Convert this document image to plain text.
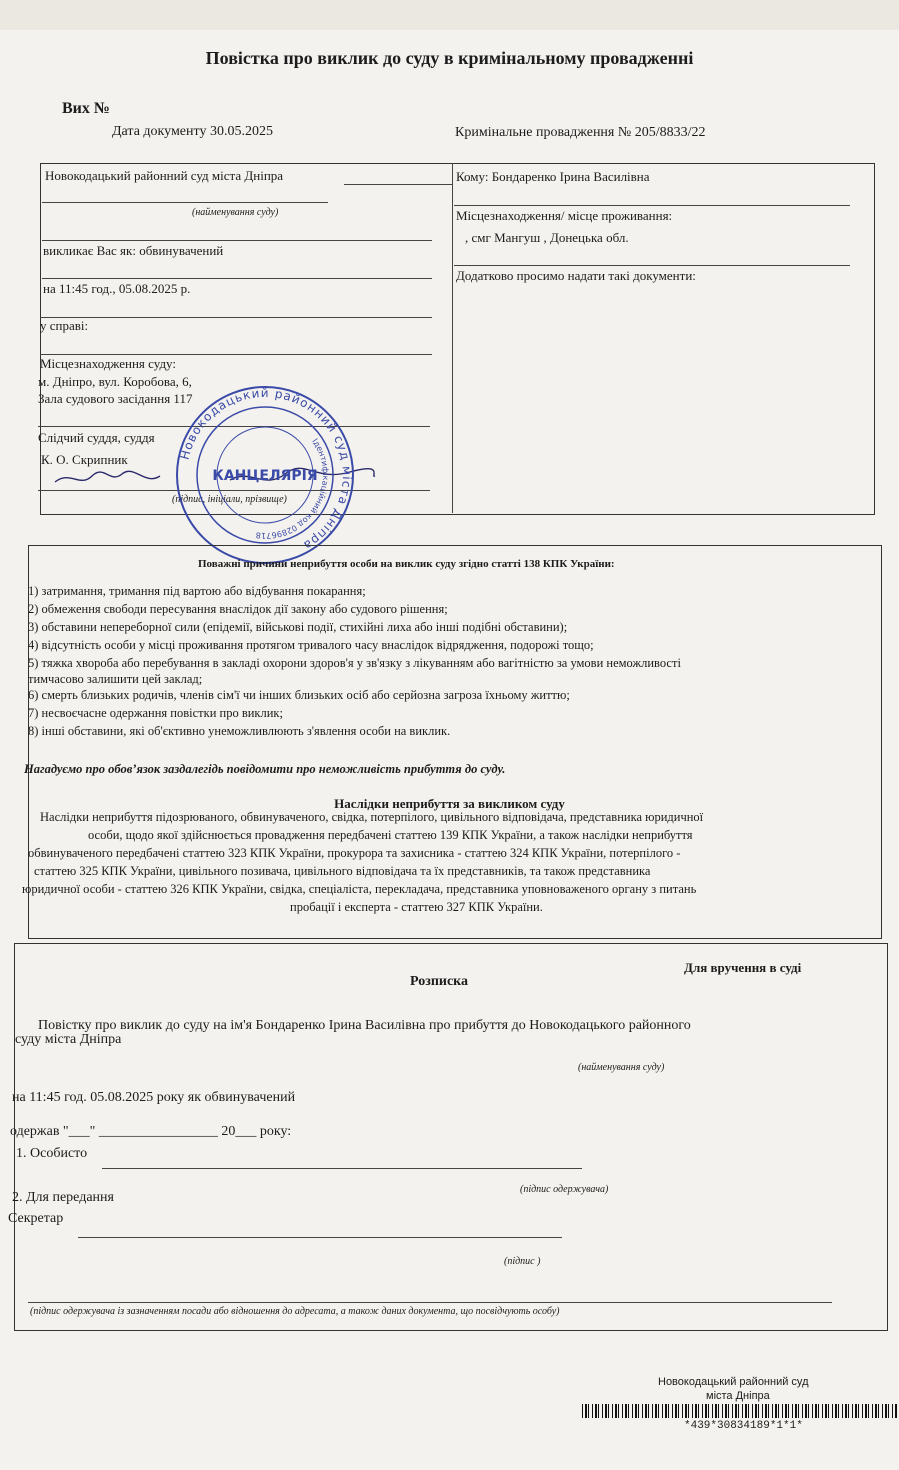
Повістка про виклик до суду в кримінальному провадженні
Вих №
Дата документу 30.05.2025	Кримінальне провадження № 205/8833/22
Новокодацький районний суд міста Дніпра
(найменування суду)
викликає Вас як: обвинувачений
на 11:45 год., 05.08.2025 р.
у справі:
Місцезнаходження суду:
м. Дніпро, вул. Коробова, 6,
Зала судового засідання 117
Слідчий суддя, суддя
К. О. Скрипник
(підпис, ініціали, прізвище)
Кому: Бондаренко Ірина Василівна
Місцезнаходження/ місце проживання:
, смг Мангуш , Донецька обл.
Додатково просимо надати такі документи:
Новокодацький районний суд міста Дніпра
Ідентифікаційний код 02896718
КАНЦЕЛЯРІЯ
Поважні причини неприбуття особи на виклик суду згідно статті 138 КПК України:
1) затримання, тримання під вартою або відбування покарання;
2) обмеження свободи пересування внаслідок дії закону або судового рішення;
3) обставини непереборної сили (епідемії, військові події, стихійні лиха або інші подібні обставини);
4) відсутність особи у місці проживання протягом тривалого часу внаслідок відрядження, подорожі тощо;
5) тяжка хвороба або перебування в закладі охорони здоров'я у зв'язку з лікуванням або вагітністю за умови неможливості
тимчасово залишити цей заклад;
6) смерть близьких родичів, членів сім'ї чи інших близьких осіб або серйозна загроза їхньому життю;
7) несвоєчасне одержання повістки про виклик;
8) інші обставини, які об'єктивно унеможливлюють з'явлення особи на виклик.
Нагадуємо про обов’язок заздалегідь повідомити про неможливість прибуття до суду.
Наслідки неприбуття за викликом суду
Наслідки неприбуття підозрюваного, обвинуваченого, свідка, потерпілого, цивільного відповідача, представника юридичної
особи, щодо якої здійснюється провадження передбачені статтею 139 КПК України, а також наслідки неприбуття
обвинуваченого передбачені статтею 323 КПК України, прокурора та захисника - статтею 324 КПК України, потерпілого -
статтею 325 КПК України, цивільного позивача, цивільного відповідача та їх представників, та також представника
юридичної особи - статтею 326 КПК України, свідка, спеціаліста, перекладача, представника уповноваженого органу з питань
пробації і експерта - статтею 327 КПК України.
Для вручення в суді
Розписка
Повістку про виклик до суду на ім'я Бондаренко Ірина Василівна про прибуття до Новокодацького районного
суду міста Дніпра
(найменування суду)
на 11:45 год. 05.08.2025 року як обвинувачений
одержав "___" _________________ 20___ року:
1. Особисто
(підпис одержувача)
2. Для передання
Секретар
(підпис )
(підпис одержувача із зазначенням посади або відношення до адресата, а також даних документа, що посвідчують особу)
Новокодацький районний суд
міста Дніпра
*439*30834189*1*1*
